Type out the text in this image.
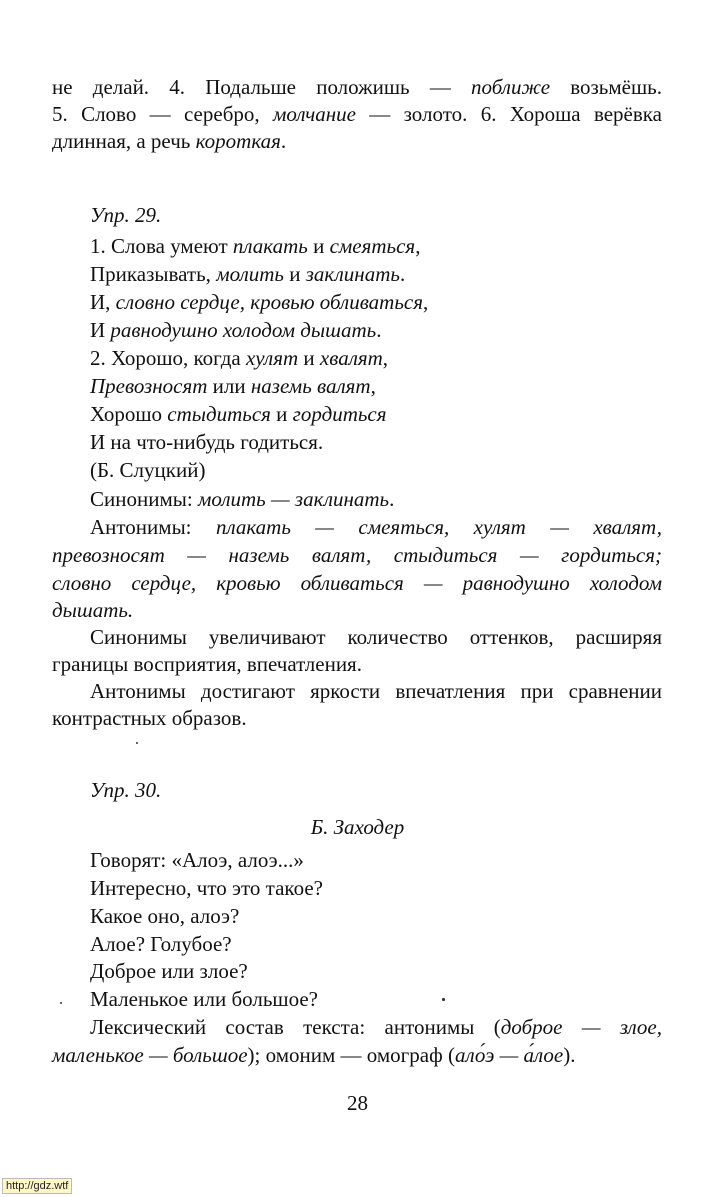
не делай. 4. Подальше положишь — поближе возьмёшь.
5. Слово — серебро, молчание — золото. 6. Хороша верёвка
длинная, а речь короткая.
Упр. 29.
1. Слова умеют плакать и смеяться,
Приказывать, молить и заклинать.
И, словно сердце, кровью обливаться,
И равнодушно холодом дышать.
2. Хорошо, когда хулят и хвалят,
Превозносят или наземь валят,
Хорошо стыдиться и гордиться
И на что-нибудь годиться.
(Б. Слуцкий)
Синонимы: молить — заклинать.
Антонимы: плакать — смеяться, хулят — хвалят,
превозносят — наземь валят, стыдиться — гордиться;
словно сердце, кровью обливаться — равнодушно холодом
дышать.
Синонимы увеличивают количество оттенков, расширяя
границы восприятия, впечатления.
Антонимы достигают яркости впечатления при сравнении
контрастных образов.
Упр. 30.
Б. Заходер
Говорят: «Алоэ, алоэ...»
Интересно, что это такое?
Какое оно, алоэ?
Алое? Голубое?
Доброе или злое?
Маленькое или большое?
Лексический состав текста: антонимы (доброе — злое,
маленькое — большое); омоним — омограф (ало́э — а́лое).
28
http://gdz.wtf
